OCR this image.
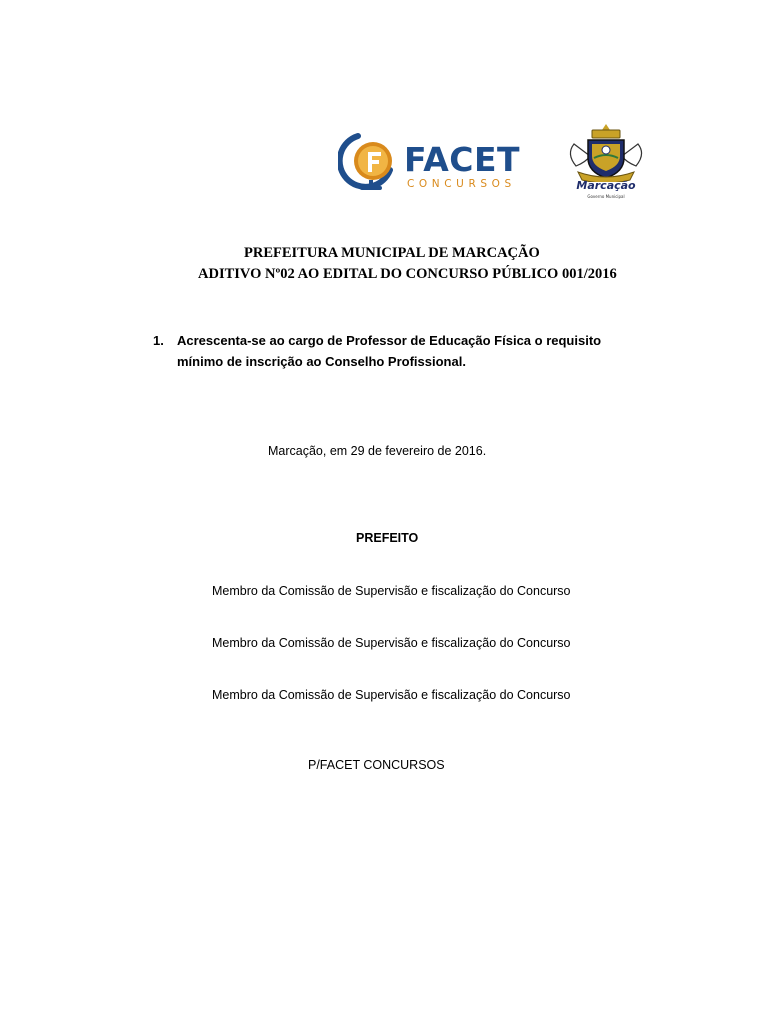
FACET
CONCURSOS	Marcação
Governo Municipal
PREFEITURA MUNICIPAL DE MARCAÇÃO
ADITIVO Nº02 AO EDITAL DO CONCURSO PÚBLICO 001/2016
1. Acrescenta-se ao cargo de Professor de Educação Física o requisito mínimo de inscrição ao Conselho Profissional.
Marcação, em 29 de fevereiro de 2016.
PREFEITO
Membro da Comissão de Supervisão e fiscalização do Concurso
Membro da Comissão de Supervisão e fiscalização do Concurso
Membro da Comissão de Supervisão e fiscalização do Concurso
P/FACET CONCURSOS
